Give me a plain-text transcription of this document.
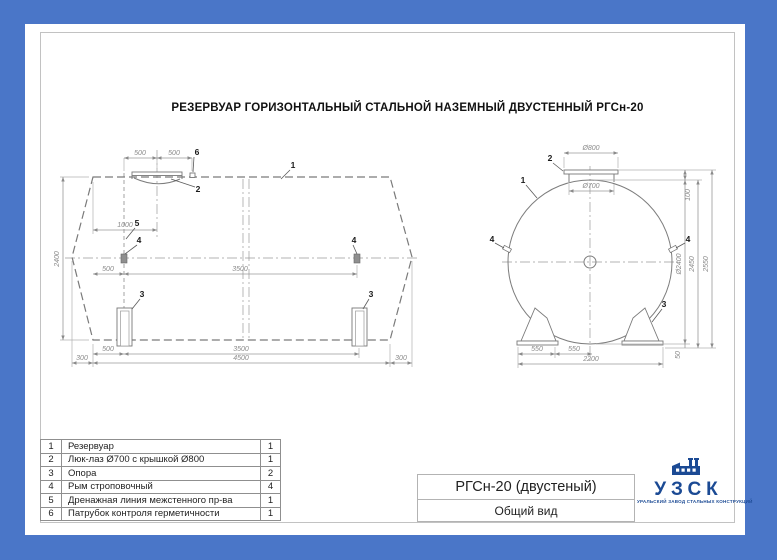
РЕЗЕРВУАР ГОРИЗОНТАЛЬНЫЙ СТАЛЬНОЙ НАЗЕМНЫЙ ДВУСТЕННЫЙ РГСн-20
500	500
1000
2400
500	3500
500	3500
300	4500	300
1
2
6
5
4	4
3	3
Ø800
Ø700
550	550
2200
100
Ø2400
50
2450 2550
1
2
3
4	4
1	Резервуар	1
2	Люк-лаз Ø700 с крышкой Ø800	1
3	Опора	2
4	Рым строповочный	4
5	Дренажная линия межстенного пр-ва	1
6	Патрубок контроля герметичности	1
РГСн-20 (двустеный)
Общий вид
УЗСК
УРАЛЬСКИЙ ЗАВОД СТАЛЬНЫХ КОНСТРУКЦИЙ
